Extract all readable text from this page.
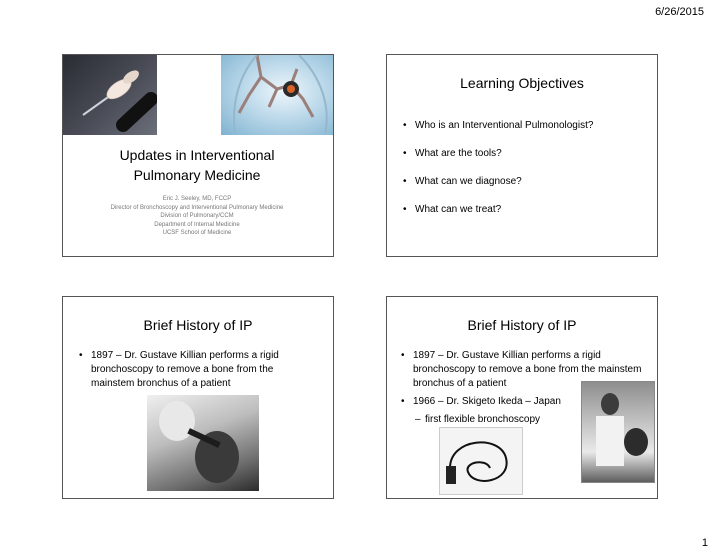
6/26/2015
Updates in Interventional
Pulmonary Medicine
Eric J. Seeley, MD, FCCP
Director of Bronchoscopy and Interventional Pulmonary Medicine
Division of Pulmonary/CCM
Department of Internal Medicine
UCSF School of Medicine
Learning Objectives
• Who is an Interventional Pulmonologist?
• What are the tools?
• What can we diagnose?
• What can we treat?
Brief History of IP
• 1897 – Dr. Gustave Killian performs a rigid bronchoscopy to remove a bone from the mainstem bronchus of a patient
Brief History of IP
• 1897 – Dr. Gustave Killian performs a rigid bronchoscopy to remove a bone from the mainstem bronchus of a patient
• 1966 – Dr. Skigeto Ikeda – Japan
– first flexible bronchoscopy
1
